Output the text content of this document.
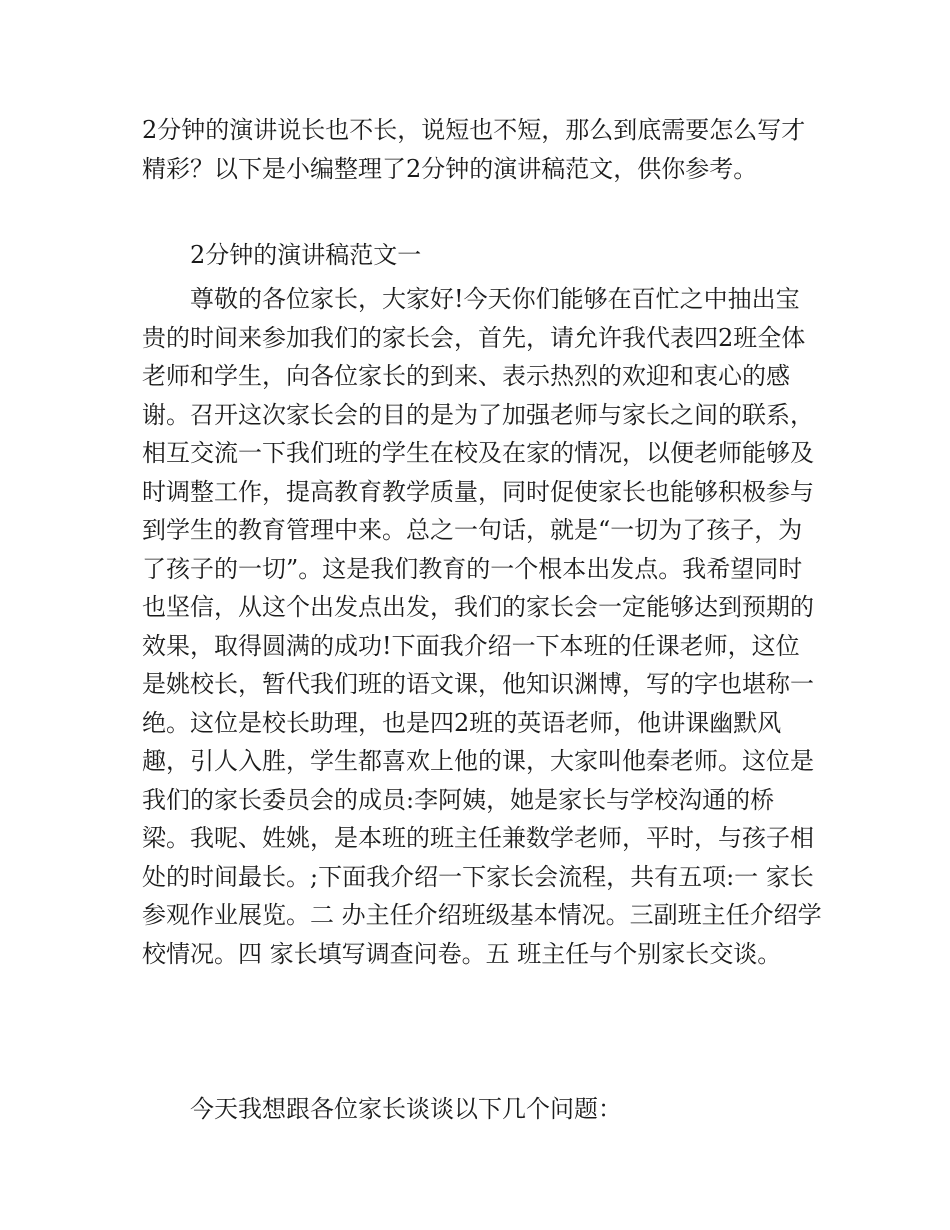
2分钟的演讲说长也不长，说短也不短，那么到底需要怎么写才精彩？以下是小编整理了2分钟的演讲稿范文，供你参考。

2分钟的演讲稿范文一

尊敬的各位家长，大家好!今天你们能够在百忙之中抽出宝贵的时间来参加我们的家长会，首先，请允许我代表四2班全体老师和学生，向各位家长的到来、表示热烈的欢迎和衷心的感谢。召开这次家长会的目的是为了加强老师与家长之间的联系，相互交流一下我们班的学生在校及在家的情况，以便老师能够及时调整工作，提高教育教学质量，同时促使家长也能够积极参与到学生的教育管理中来。总之一句话，就是“一切为了孩子，为了孩子的一切”。这是我们教育的一个根本出发点。我希望同时也坚信，从这个出发点出发，我们的家长会一定能够达到预期的效果，取得圆满的成功!下面我介绍一下本班的任课老师，这位是姚校长，暂代我们班的语文课，他知识渊博，写的字也堪称一绝。这位是校长助理，也是四2班的英语老师，他讲课幽默风趣，引人入胜，学生都喜欢上他的课，大家叫他秦老师。这位是我们的家长委员会的成员:李阿姨，她是家长与学校沟通的桥梁。我呢、姓姚，是本班的班主任兼数学老师，平时，与孩子相处的时间最长。;下面我介绍一下家长会流程，共有五项:一 家长参观作业展览。二 办主任介绍班级基本情况。三副班主任介绍学校情况。四 家长填写调查问卷。五 班主任与个别家长交谈。

今天我想跟各位家长谈谈以下几个问题：
